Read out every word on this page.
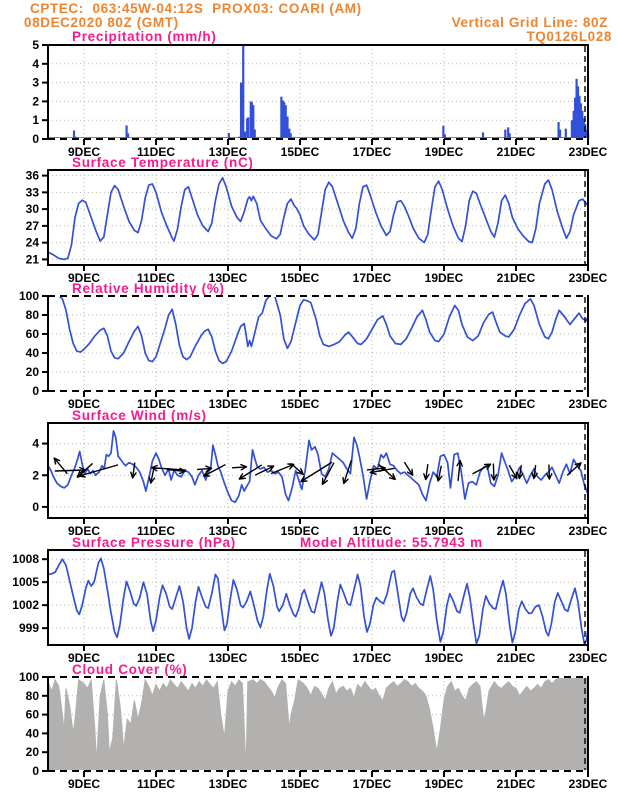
CPTEC:  063:45W-04:12S  PROX03: COARI (AM)
08DEC2020 80Z (GMT)	Vertical Grid Line: 80Z
TQ0126L028
Precipitation (mm/h)
Surface Temperature (nC)
Relative Humidity (%)
Surface Wind (m/s)
Surface Pressure (hPa)	Model Altitude: 55.7943 m
Cloud Cover (%)
0
1
2
3
4
5
9DEC	11DEC	13DEC	15DEC	17DEC	19DEC	21DEC	23DEC
21
24
27
30
33
36
9DEC	11DEC	13DEC	15DEC	17DEC	19DEC	21DEC	23DEC
0
20
40
60
80
100
9DEC	11DEC	13DEC	15DEC	17DEC	19DEC	21DEC	23DEC
0
2
4
9DEC	11DEC	13DEC	15DEC	17DEC	19DEC	21DEC	23DEC
999
1002
1005
1008
9DEC	11DEC	13DEC	15DEC	17DEC	19DEC	21DEC	23DEC
0
20
40
60
80
100
9DEC	11DEC	13DEC	15DEC	17DEC	19DEC	21DEC	23DEC
